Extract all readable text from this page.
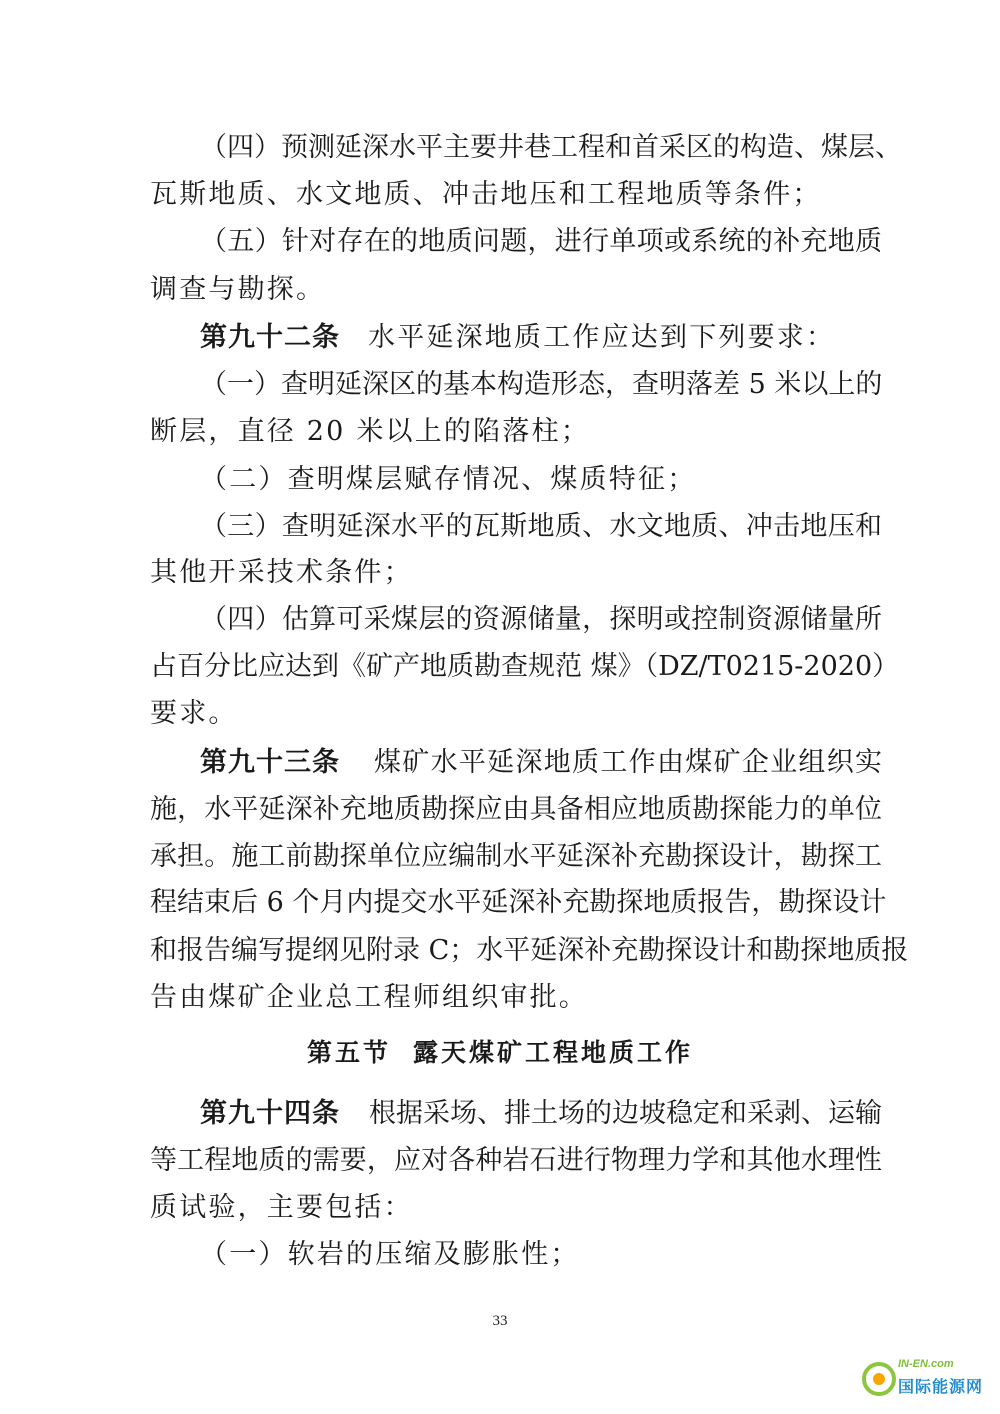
（四）预测延深水平主要井巷工程和首采区的构造、煤层、
瓦斯地质、水文地质、冲击地压和工程地质等条件；
（五）针对存在的地质问题，进行单项或系统的补充地质
调查与勘探。
第九十二条 水平延深地质工作应达到下列要求：
（一）查明延深区的基本构造形态，查明落差 5 米以上的
断层，直径 20 米以上的陷落柱；
（二）查明煤层赋存情况、煤质特征；
（三）查明延深水平的瓦斯地质、水文地质、冲击地压和
其他开采技术条件；
（四）估算可采煤层的资源储量，探明或控制资源储量所
占百分比应达到《矿产地质勘查规范 煤》（DZ/T0215-2020）
要求。
第九十三条 煤矿水平延深地质工作由煤矿企业组织实
施，水平延深补充地质勘探应由具备相应地质勘探能力的单位
承担。施工前勘探单位应编制水平延深补充勘探设计，勘探工
程结束后 6 个月内提交水平延深补充勘探地质报告，勘探设计
和报告编写提纲见附录 C；水平延深补充勘探设计和勘探地质报
告由煤矿企业总工程师组织审批。
第五节 露天煤矿工程地质工作
第九十四条 根据采场、排土场的边坡稳定和采剥、运输
等工程地质的需要，应对各种岩石进行物理力学和其他水理性
质试验，主要包括：
（一）软岩的压缩及膨胀性；
33
IN-EN.com
国际能源网
